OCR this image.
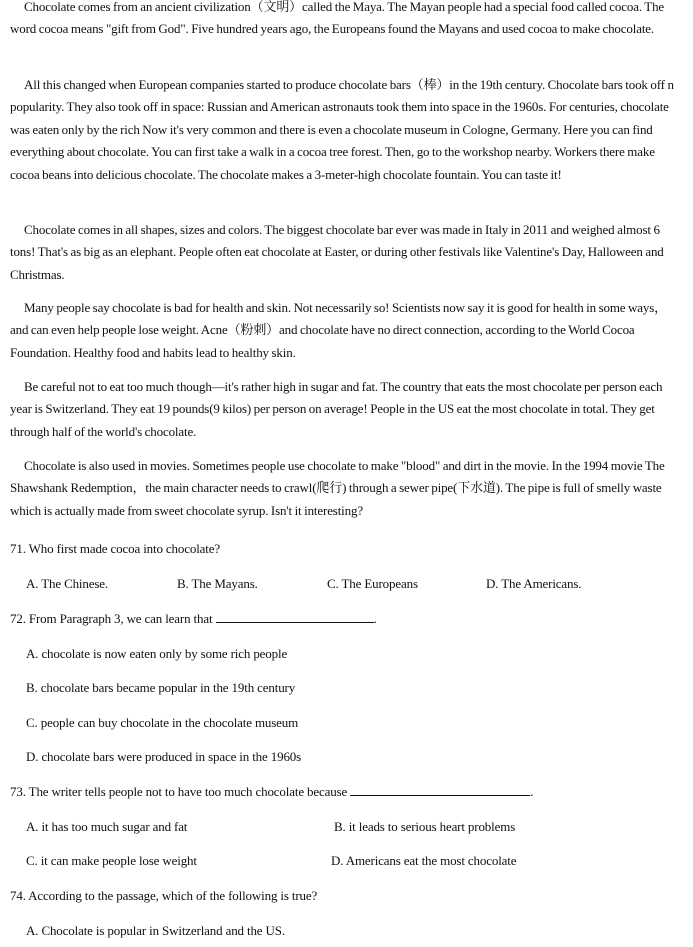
Chocolate comes from an ancient civilization（文明）called the Maya. The Mayan people had a special food called cocoa. The word cocoa means "gift from God". Five hundred years ago, the Europeans found the Mayans and used cocoa to make chocolate.

All this changed when European companies started to produce chocolate bars（棒）in the 19th century. Chocolate bars took off n popularity. They also took off in space: Russian and American astronauts took them into space in the 1960s. For centuries, chocolate was eaten only by the rich Now it's very common and there is even a chocolate museum in Cologne, Germany. Here you can find everything about chocolate. You can first take a walk in a cocoa tree forest. Then, go to the workshop nearby. Workers there make cocoa beans into delicious chocolate. The chocolate makes a 3-meter-high chocolate fountain. You can taste it!

Chocolate comes in all shapes, sizes and colors. The biggest chocolate bar ever was made in Italy in 2011 and weighed almost 6 tons! That's as big as an elephant. People often eat chocolate at Easter, or during other festivals like Valentine's Day, Halloween and Christmas.

Many people say chocolate is bad for health and skin. Not necessarily so! Scientists now say it is good for health in some ways， and can even help people lose weight. Acne（粉刺）and chocolate have no direct connection, according to the World Cocoa Foundation. Healthy food and habits lead to healthy skin.

Be careful not to eat too much though—it's rather high in sugar and fat. The country that eats the most chocolate per person each year is Switzerland. They eat 19 pounds(9 kilos) per person on average! People in the US eat the most chocolate in total. They get through half of the world's chocolate.

Chocolate is also used in movies. Sometimes people use chocolate to make "blood" and dirt in the movie. In the 1994 movie The Shawshank Redemption，the main character needs to crawl(爬行) through a sewer pipe(下水道). The pipe is full of smelly waste which is actually made from sweet chocolate syrup. Isn't it interesting?

71. Who first made cocoa into chocolate?

A. The Chinese.	B. The Mayans.	C. The Europeans	D. The Americans.

72. From Paragraph 3, we can learn that	.

A. chocolate is now eaten only by some rich people

B. chocolate bars became popular in the 19th century

C. people can buy chocolate in the chocolate museum

D. chocolate bars were produced in space in the 1960s

73. The writer tells people not to have too much chocolate because	.

A. it has too much sugar and fat	B. it leads to serious heart problems

C. it can make people lose weight	D. Americans eat the most chocolate

74. According to the passage, which of the following is true?

A. Chocolate is popular in Switzerland and the US.
